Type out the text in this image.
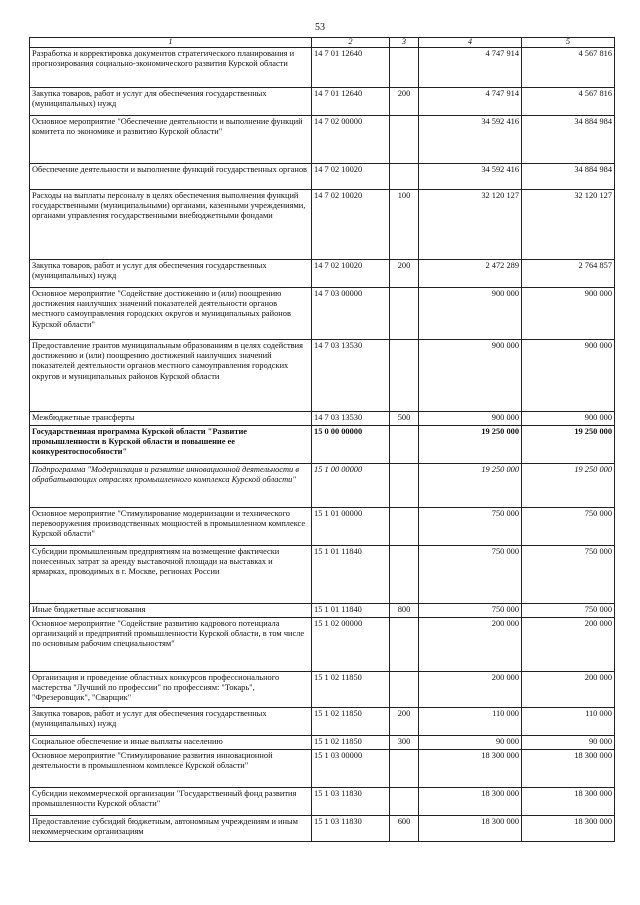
53
1	2	3	4	5
Разработка и корректировка документов стратегического планирования и прогнозирования социально-экономического развития Курской области	14 7 01 12640		4 747 914	4 567 816
Закупка товаров, работ и услуг для обеспечения государственных (муниципальных) нужд	14 7 01 12640	200	4 747 914	4 567 816
Основное мероприятие "Обеспечение деятельности и выполнение функций комитета по экономике и развитию Курской области"	14 7 02 00000		34 592 416	34 884 984
Обеспечение деятельности и выполнение функций государственных органов	14 7 02 10020		34 592 416	34 884 984
Расходы на выплаты персоналу в целях обеспечения выполнения функций государственными (муниципальными) органами, казенными учреждениями, органами управления государственными внебюджетными фондами	14 7 02 10020	100	32 120 127	32 120 127
Закупка товаров, работ и услуг для обеспечения государственных (муниципальных) нужд	14 7 02 10020	200	2 472 289	2 764 857
Основное мероприятие "Содействие достижению и (или) поощрению достижения наилучших значений показателей деятельности органов местного самоуправления городских округов и муниципальных районов Курской области"	14 7 03 00000		900 000	900 000
Предоставление грантов муниципальным образованиям в целях содействия достижению и (или) поощрению достижений наилучших значений показателей деятельности органов местного самоуправления городских округов и муниципальных районов Курской области	14 7 03 13530		900 000	900 000
Межбюджетные трансферты	14 7 03 13530	500	900 000	900 000
Государственная программа Курской области "Развитие промышленности в Курской области и повышение ее конкурентоспособности"	15 0 00 00000		19 250 000	19 250 000
Подпрограмма "Модернизация и развитие инновационной деятельности в обрабатывающих отраслях промышленного комплекса Курской области"	15 1 00 00000		19 250 000	19 250 000
Основное мероприятие "Стимулирование модернизации и технического перевооружения производственных мощностей в промышленном комплексе Курской области"	15 1 01 00000		750 000	750 000
Субсидии промышленным предприятиям на возмещение фактически понесенных затрат за аренду выставочной площади на выставках и ярмарках, проводимых в г. Москве, регионах России	15 1 01 11840		750 000	750 000
Иные бюджетные ассигнования	15 1 01 11840	800	750 000	750 000
Основное мероприятие "Содействие развитию кадрового потенциала организаций и предприятий промышленности Курской области, в том числе по основным рабочим специальностям"	15 1 02 00000		200 000	200 000
Организация и проведение областных конкурсов профессионального мастерства "Лучший по профессии" по профессиям: "Токарь", "Фрезеровщик", "Сварщик"	15 1 02 11850		200 000	200 000
Закупка товаров, работ и услуг для обеспечения государственных (муниципальных) нужд	15 1 02 11850	200	110 000	110 000
Социальное обеспечение и иные выплаты населению	15 1 02 11850	300	90 000	90 000
Основное мероприятие "Стимулирование развития инновационной деятельности в промышленном комплексе Курской области"	15 1 03 00000		18 300 000	18 300 000
Субсидии некоммерческой организации "Государственный фонд развития промышленности Курской области"	15 1 03 11830		18 300 000	18 300 000
Предоставление субсидий бюджетным, автономным учреждениям и иным некоммерческим организациям	15 1 03 11830	600	18 300 000	18 300 000
